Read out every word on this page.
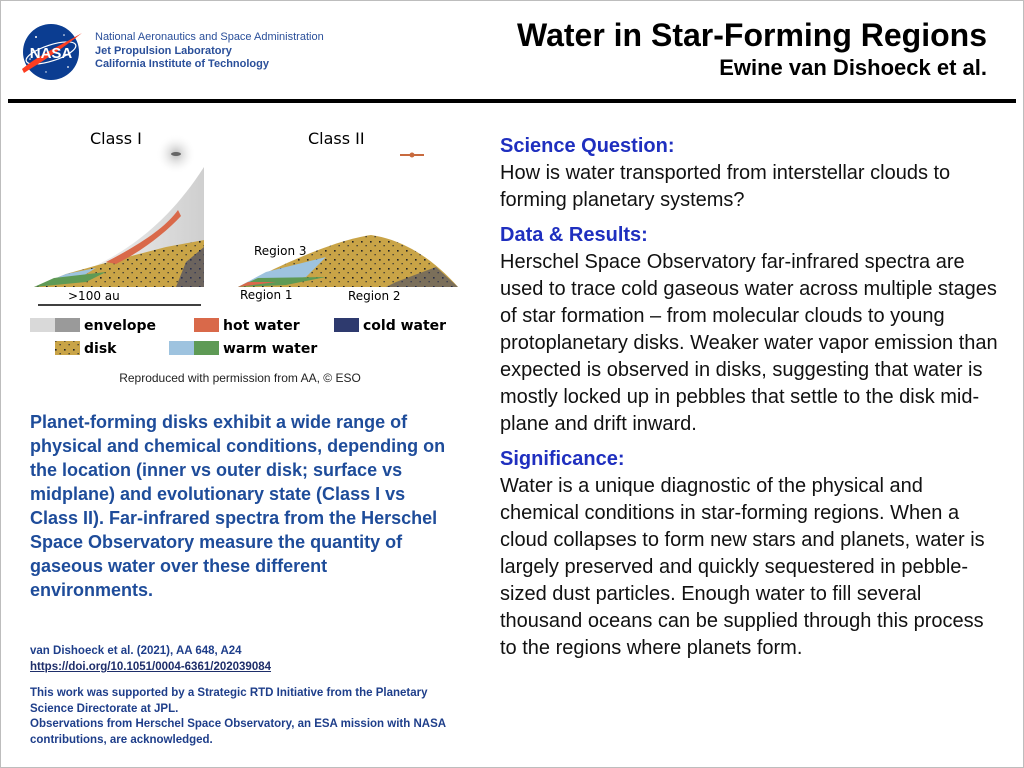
NASA
National Aeronautics and Space Administration
Jet Propulsion Laboratory
California Institute of Technology
Water in Star-Forming Regions
Ewine van Dishoeck et al.
Class I
>100 au
Class II
Region 3
Region 1	Region 2
envelope	hot water	cold water
disk	warm water
Reproduced with permission from AA, © ESO
Planet-forming disks exhibit a wide range of physical and chemical conditions, depending on the location (inner vs outer disk; surface vs midplane) and evolutionary state (Class I vs Class II). Far-infrared spectra from the Herschel Space Observatory measure the quantity of gaseous water over these different environments.
van Dishoeck et al. (2021), AA 648, A24
https://doi.org/10.1051/0004-6361/202039084
This work was supported by a Strategic RTD Initiative from the Planetary Science Directorate at JPL.
Observations from Herschel Space Observatory, an ESA mission with NASA contributions, are acknowledged.
Science Question:
How is water transported from interstellar clouds to forming planetary systems?
Data & Results:
Herschel Space Observatory far-infrared spectra are used to trace cold gaseous water across multiple stages of star formation – from molecular clouds to young protoplanetary disks. Weaker water vapor emission than expected is observed in disks, suggesting that water is mostly locked up in pebbles that settle to the disk mid-plane and drift inward.
Significance:
Water is a unique diagnostic of the physical and chemical conditions in star-forming regions. When a cloud collapses to form new stars and planets, water is largely preserved and quickly sequestered in pebble-sized dust particles. Enough water to fill several thousand oceans can be supplied through this process to the regions where planets form.
